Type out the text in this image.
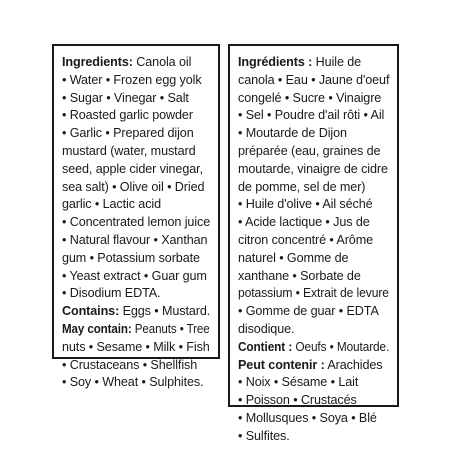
Ingredients: Canola oil
• Water • Frozen egg yolk
• Sugar • Vinegar • Salt
• Roasted garlic powder
• Garlic • Prepared dijon
mustard (water, mustard
seed, apple cider vinegar,
sea salt) • Olive oil • Dried
garlic • Lactic acid
• Concentrated lemon juice
• Natural flavour • Xanthan
gum • Potassium sorbate
• Yeast extract • Guar gum
• Disodium EDTA.
Contains: Eggs • Mustard.
May contain: Peanuts • Tree
nuts • Sesame • Milk • Fish
• Crustaceans • Shellfish
• Soy • Wheat • Sulphites.
Ingrédients : Huile de
canola • Eau • Jaune d'oeuf
congelé • Sucre • Vinaigre
• Sel • Poudre d'ail rôti • Ail
• Moutarde de Dijon
préparée (eau, graines de
moutarde, vinaigre de cidre
de pomme, sel de mer)
• Huile d'olive • Ail séché
• Acide lactique • Jus de
citron concentré • Arôme
naturel • Gomme de
xanthane • Sorbate de
potassium • Extrait de levure
• Gomme de guar • EDTA
disodique.
Contient : Oeufs • Moutarde.
Peut contenir : Arachides
• Noix • Sésame • Lait
• Poisson • Crustacés
• Mollusques • Soya • Blé
• Sulfites.
